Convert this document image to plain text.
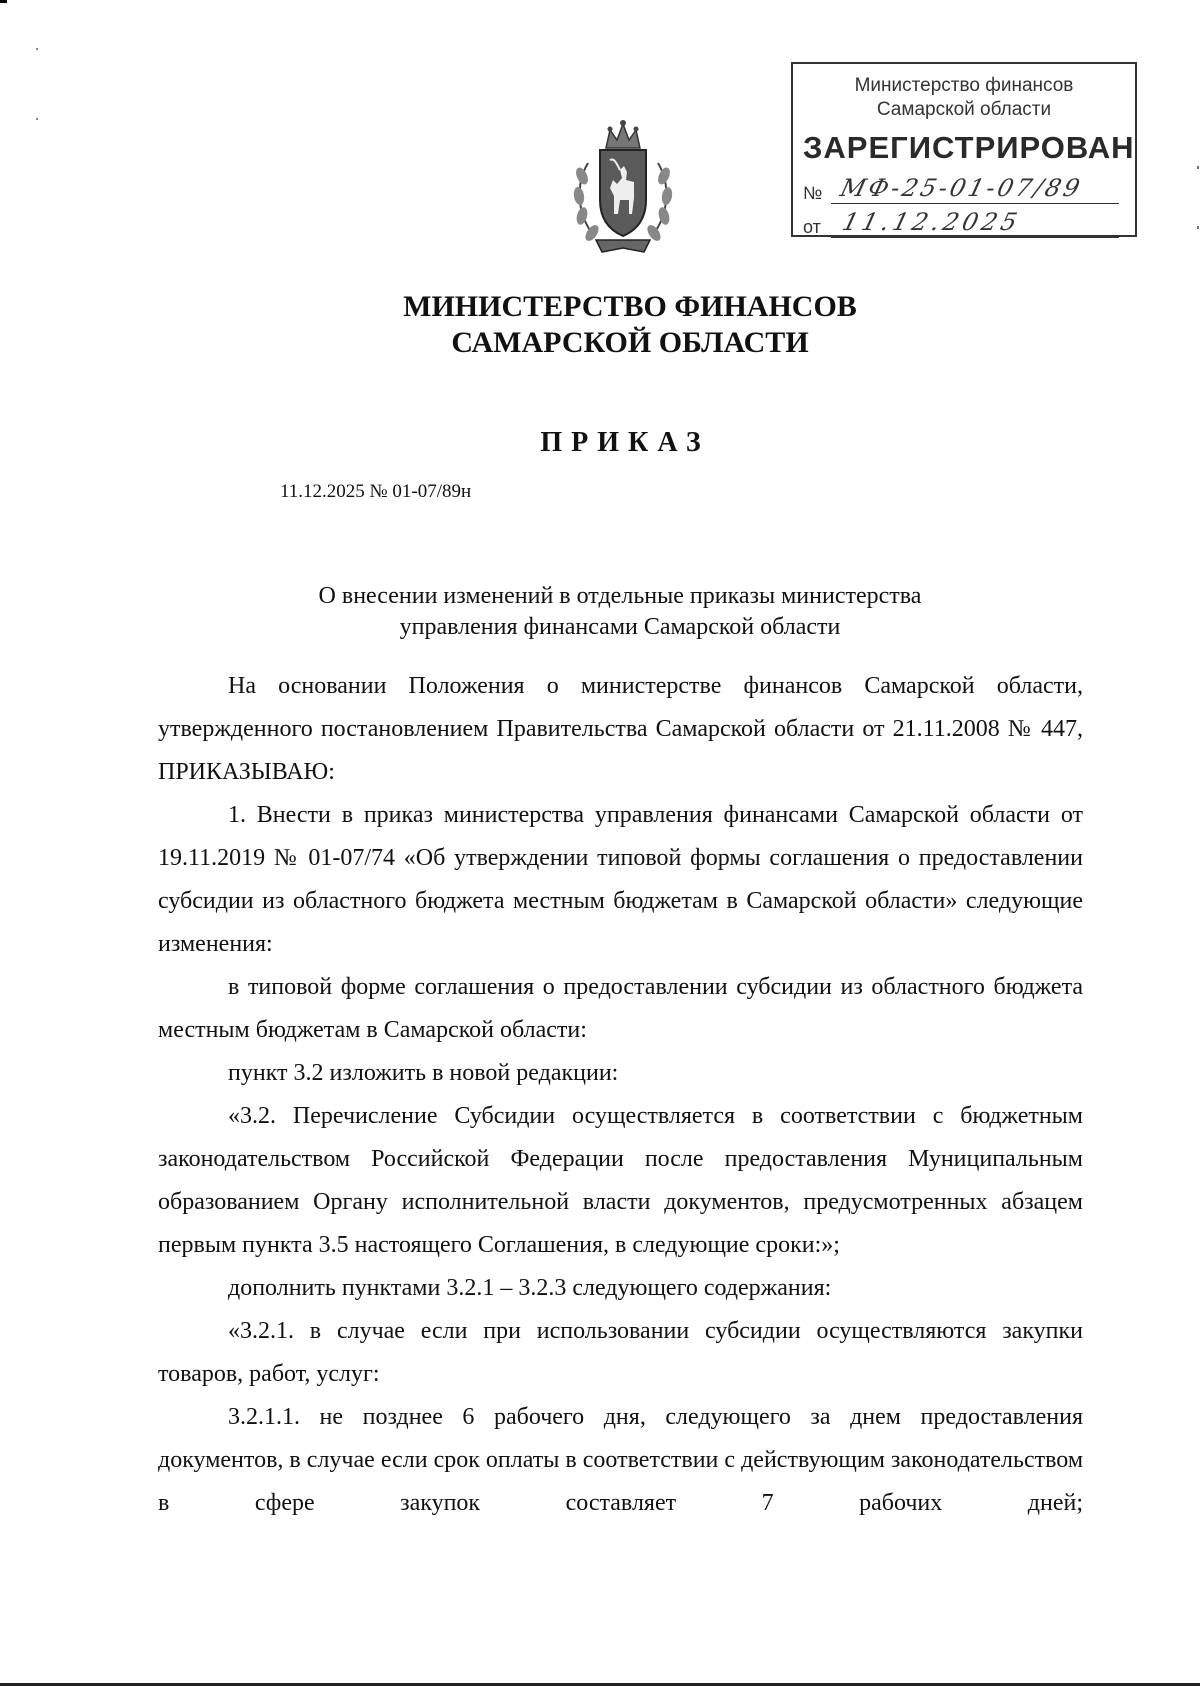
Министерство финансов
Самарской области
ЗАРЕГИСТРИРОВАН
№ МФ-25-01-07/89
от 11.12.2025
МИНИСТЕРСТВО ФИНАНСОВ
САМАРСКОЙ ОБЛАСТИ
ПРИКАЗ
11.12.2025 № 01-07/89н
О внесении изменений в отдельные приказы министерства
управления финансами Самарской области

На основании Положения о министерстве финансов Самарской области, утвержденного постановлением Правительства Самарской области от 21.11.2008 № 447, ПРИКАЗЫВАЮ:

1. Внести в приказ министерства управления финансами Самарской области от 19.11.2019 № 01-07/74 «Об утверждении типовой формы соглашения о предоставлении субсидии из областного бюджета местным бюджетам в Самарской области» следующие изменения:

в типовой форме соглашения о предоставлении субсидии из областного бюджета местным бюджетам в Самарской области:

пункт 3.2 изложить в новой редакции:

«3.2. Перечисление Субсидии осуществляется в соответствии с бюджетным законодательством Российской Федерации после предоставления Муниципальным образованием Органу исполнительной власти документов, предусмотренных абзацем первым пункта 3.5 настоящего Соглашения, в следующие сроки:»;

дополнить пунктами 3.2.1 – 3.2.3 следующего содержания:

«3.2.1. в случае если при использовании субсидии осуществляются закупки товаров, работ, услуг:

3.2.1.1. не позднее 6 рабочего дня, следующего за днем предоставления документов, в случае если срок оплаты в соответствии с действующим законодательством в сфере закупок составляет 7 рабочих дней;
